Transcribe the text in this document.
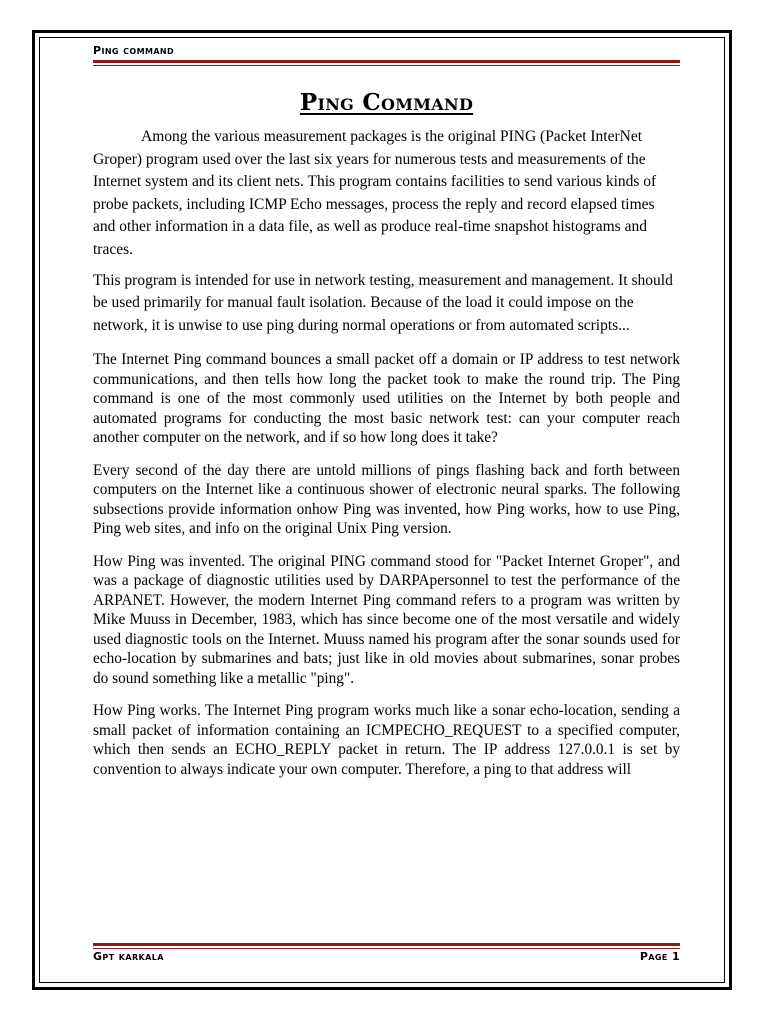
Ping command
Ping Command

Among the various measurement packages is the original PING (Packet InterNet Groper) program used over the last six years for numerous tests and measurements of the Internet system and its client nets. This program contains facilities to send various kinds of probe packets, including ICMP Echo messages, process the reply and record elapsed times and other information in a data file, as well as produce real-time snapshot histograms and traces.

This program is intended for use in network testing, measurement and management. It should be used primarily for manual fault isolation. Because of the load it could impose on the network, it is unwise to use ping during normal operations or from automated scripts...

The Internet Ping command bounces a small packet off a domain or IP address to test network communications, and then tells how long the packet took to make the round trip. The Ping command is one of the most commonly used utilities on the Internet by both people and automated programs for conducting the most basic network test: can your computer reach another computer on the network, and if so how long does it take?

Every second of the day there are untold millions of pings flashing back and forth between computers on the Internet like a continuous shower of electronic neural sparks. The following subsections provide information onhow Ping was invented, how Ping works, how to use Ping, Ping web sites, and info on the original Unix Ping version.

How Ping was invented. The original PING command stood for "Packet Internet Groper", and was a package of diagnostic utilities used by DARPApersonnel to test the performance of the ARPANET. However, the modern Internet Ping command refers to a program was written by Mike Muuss in December, 1983, which has since become one of the most versatile and widely used diagnostic tools on the Internet. Muuss named his program after the sonar sounds used for echo-location by submarines and bats; just like in old movies about submarines, sonar probes do sound something like a metallic "ping".

How Ping works. The Internet Ping program works much like a sonar echo-location, sending a small packet of information containing an ICMPECHO_REQUEST to a specified computer, which then sends an ECHO_REPLY packet in return. The IP address 127.0.0.1 is set by convention to always indicate your own computer. Therefore, a ping to that address will

Gpt karkala	Page 1
